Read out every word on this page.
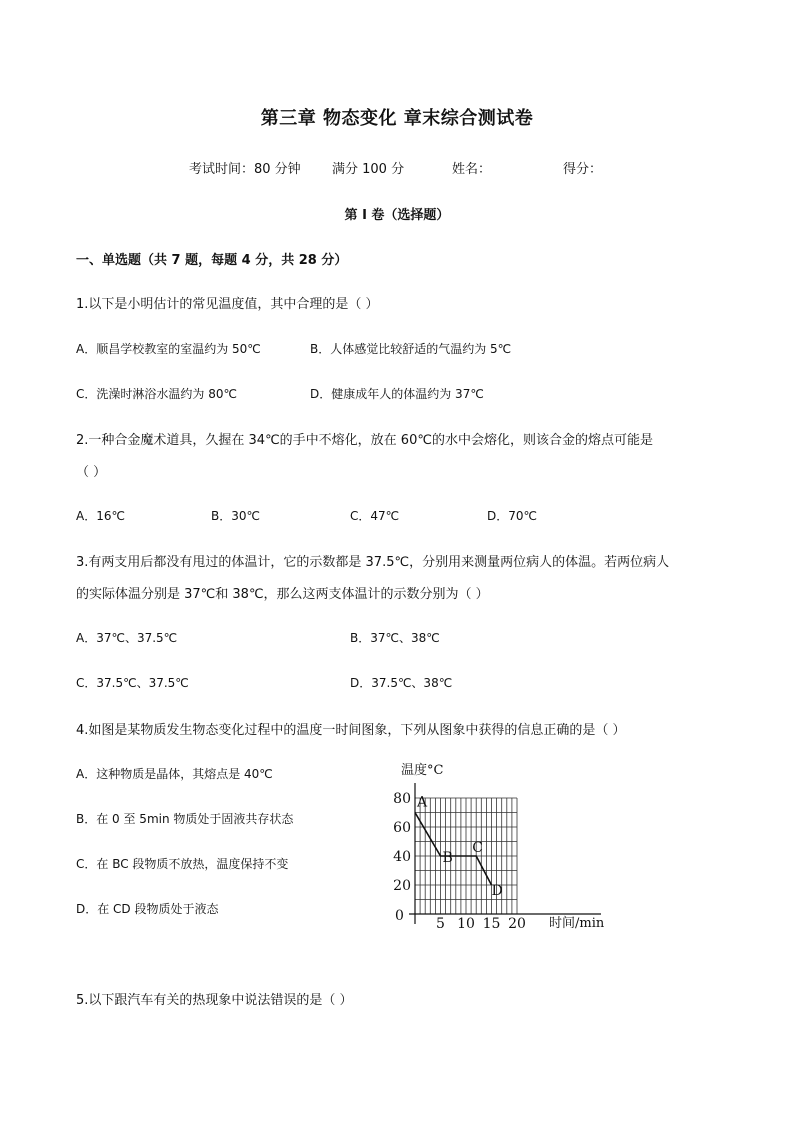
第三章 物态变化 章末综合测试卷
考试时间：80 分钟 满分 100 分	姓名：	得分：
第 I 卷（选择题）
一、单选题（共 7 题，每题 4 分，共 28 分）
1.以下是小明估计的常见温度值，其中合理的是（ ）
A．顺昌学校教室的室温约为 50℃	B．人体感觉比较舒适的气温约为 5℃
C．洗澡时淋浴水温约为 80℃	D．健康成年人的体温约为 37℃
2.一种合金魔术道具，久握在 34℃的手中不熔化，放在 60℃的水中会熔化，则该合金的熔点可能是
（ ）
A．16℃	B．30℃	C．47℃	D．70℃
3.有两支用后都没有甩过的体温计，它的示数都是 37.5℃，分别用来测量两位病人的体温。若两位病人
的实际体温分别是 37℃和 38℃，那么这两支体温计的示数分别为（ ）
A．37℃、37.5℃	B．37℃、38℃
C．37.5℃、37.5℃	D．37.5℃、38℃
4.如图是某物质发生物态变化过程中的温度一时间图象，下列从图象中获得的信息正确的是（ ）
A．这种物质是晶体，其熔点是 40℃
B．在 0 至 5min 物质处于固液共存状态
C．在 BC 段物质不放热，温度保持不变
D．在 CD 段物质处于液态
温度°C
时间/min
0
20
40
60
80
5 10 15 20
A
B
C
D
5.以下跟汽车有关的热现象中说法错误的是（ ）
